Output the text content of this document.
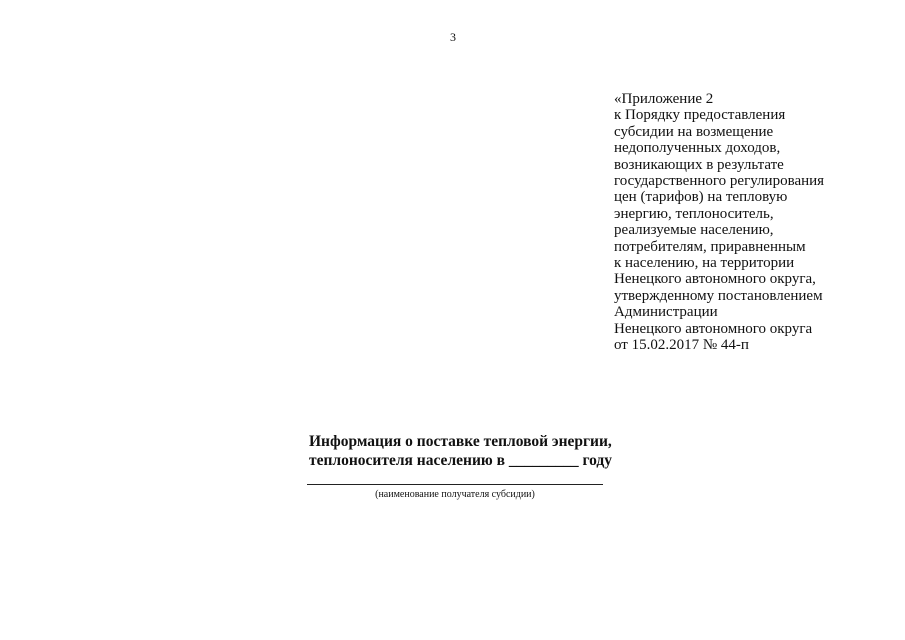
3
«Приложение 2
к Порядку предоставления
субсидии на возмещение
недополученных доходов,
возникающих в результате
государственного регулирования
цен (тарифов) на тепловую
энергию, теплоноситель,
реализуемые населению,
потребителям, приравненным
к населению, на территории
Ненецкого автономного округа,
утвержденному постановлением
Администрации
Ненецкого автономного округа
от 15.02.2017 № 44-п
Информация о поставке тепловой энергии,
теплоносителя населению в _________ году
(наименование получателя субсидии)
